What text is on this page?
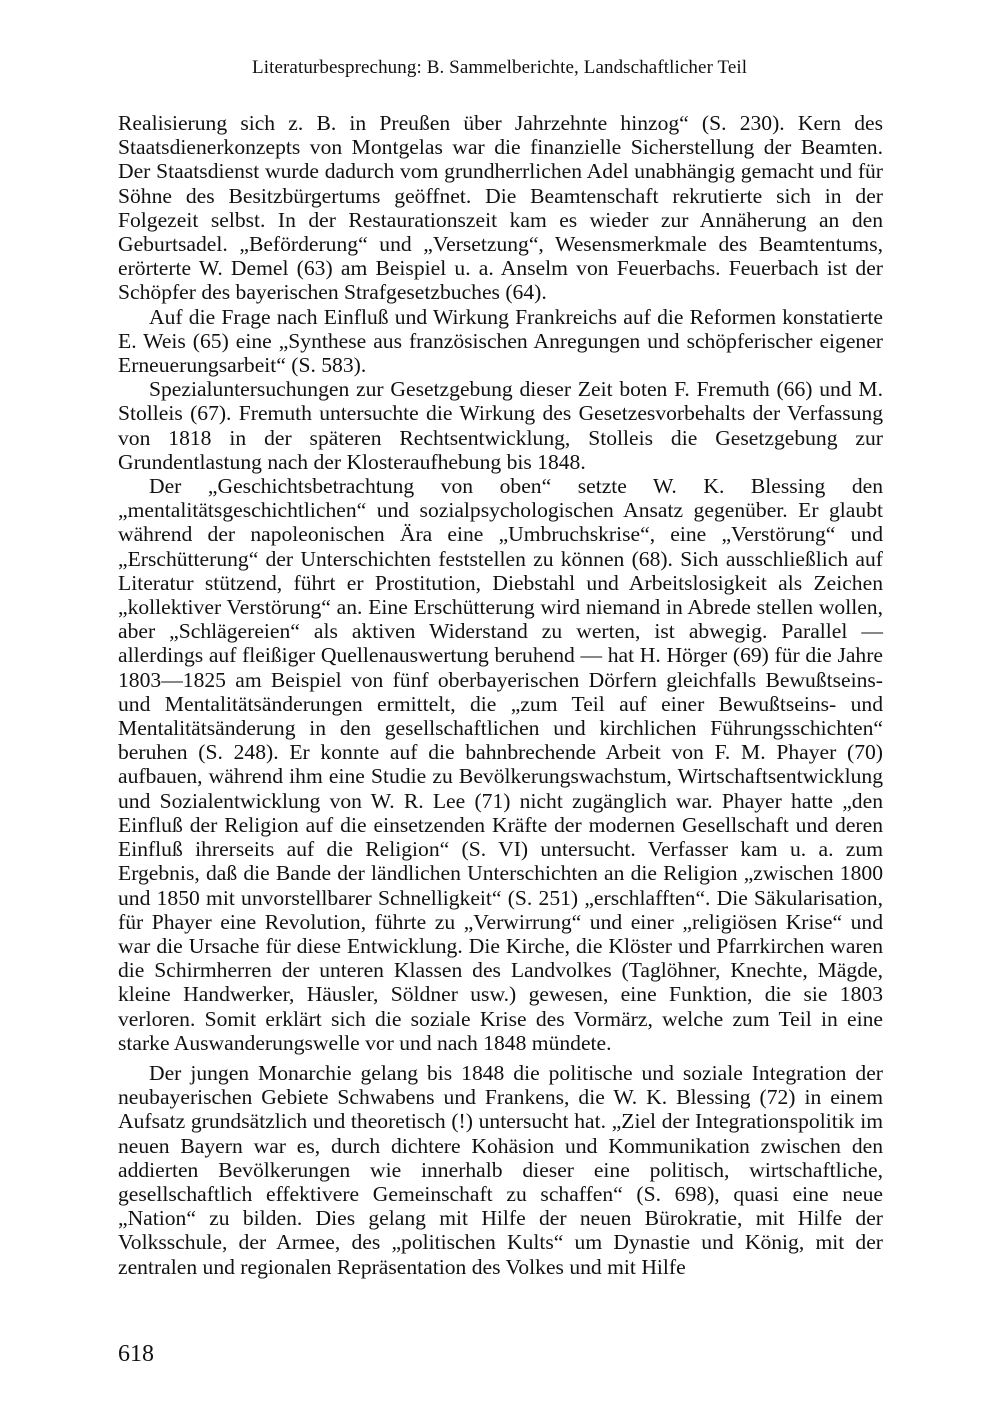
Literaturbesprechung: B. Sammelberichte, Landschaftlicher Teil

Realisierung sich z. B. in Preußen über Jahrzehnte hinzog“ (S. 230). Kern des Staatsdienerkonzepts von Montgelas war die finanzielle Sicherstellung der Beamten. Der Staatsdienst wurde dadurch vom grundherrlichen Adel unabhängig gemacht und für Söhne des Besitzbürgertums geöffnet. Die Beamtenschaft rekrutierte sich in der Folgezeit selbst. In der Restaurationszeit kam es wieder zur Annäherung an den Geburtsadel. „Beförderung“ und „Versetzung“, Wesensmerkmale des Beamtentums, erörterte W. Demel (63) am Beispiel u. a. Anselm von Feuerbachs. Feuerbach ist der Schöpfer des bayerischen Strafgesetzbuches (64).

Auf die Frage nach Einfluß und Wirkung Frankreichs auf die Reformen konstatierte E. Weis (65) eine „Synthese aus französischen Anregungen und schöpferischer eigener Erneuerungsarbeit“ (S. 583).

Spezialuntersuchungen zur Gesetzgebung dieser Zeit boten F. Fremuth (66) und M. Stolleis (67). Fremuth untersuchte die Wirkung des Gesetzesvorbehalts der Verfassung von 1818 in der späteren Rechtsentwicklung, Stolleis die Gesetzgebung zur Grundentlastung nach der Klosteraufhebung bis 1848.

Der „Geschichtsbetrachtung von oben“ setzte W. K. Blessing den „mentalitätsgeschichtlichen“ und sozialpsychologischen Ansatz gegenüber. Er glaubt während der napoleonischen Ära eine „Umbruchskrise“, eine „Verstörung“ und „Erschütterung“ der Unterschichten feststellen zu können (68). Sich ausschließlich auf Literatur stützend, führt er Prostitution, Diebstahl und Arbeitslosigkeit als Zeichen „kollektiver Verstörung“ an. Eine Erschütterung wird niemand in Abrede stellen wollen, aber „Schlägereien“ als aktiven Widerstand zu werten, ist abwegig. Parallel — allerdings auf fleißiger Quellenauswertung beruhend — hat H. Hörger (69) für die Jahre 1803—1825 am Beispiel von fünf oberbayerischen Dörfern gleichfalls Bewußtseins- und Mentalitätsänderungen ermittelt, die „zum Teil auf einer Bewußtseins- und Mentalitätsänderung in den gesellschaftlichen und kirchlichen Führungsschichten“ beruhen (S. 248). Er konnte auf die bahnbrechende Arbeit von F. M. Phayer (70) aufbauen, während ihm eine Studie zu Bevölkerungswachstum, Wirtschaftsentwicklung und Sozialentwicklung von W. R. Lee (71) nicht zugänglich war. Phayer hatte „den Einfluß der Religion auf die einsetzenden Kräfte der modernen Gesellschaft und deren Einfluß ihrerseits auf die Religion“ (S. VI) untersucht. Verfasser kam u. a. zum Ergebnis, daß die Bande der ländlichen Unterschichten an die Religion „zwischen 1800 und 1850 mit unvorstellbarer Schnelligkeit“ (S. 251) „erschlafften“. Die Säkularisation, für Phayer eine Revolution, führte zu „Verwirrung“ und einer „religiösen Krise“ und war die Ursache für diese Entwicklung. Die Kirche, die Klöster und Pfarrkirchen waren die Schirmherren der unteren Klassen des Landvolkes (Taglöhner, Knechte, Mägde, kleine Handwerker, Häusler, Söldner usw.) gewesen, eine Funktion, die sie 1803 verloren. Somit erklärt sich die soziale Krise des Vormärz, welche zum Teil in eine starke Auswanderungswelle vor und nach 1848 mündete.

Der jungen Monarchie gelang bis 1848 die politische und soziale Integration der neubayerischen Gebiete Schwabens und Frankens, die W. K. Blessing (72) in einem Aufsatz grundsätzlich und theoretisch (!) untersucht hat. „Ziel der Integrationspolitik im neuen Bayern war es, durch dichtere Kohäsion und Kommunikation zwischen den addierten Bevölkerungen wie innerhalb dieser eine politisch, wirtschaftliche, gesellschaftlich effektivere Gemeinschaft zu schaffen“ (S. 698), quasi eine neue „Nation“ zu bilden. Dies gelang mit Hilfe der neuen Bürokratie, mit Hilfe der Volksschule, der Armee, des „politischen Kults“ um Dynastie und König, mit der zentralen und regionalen Repräsentation des Volkes und mit Hilfe

618
